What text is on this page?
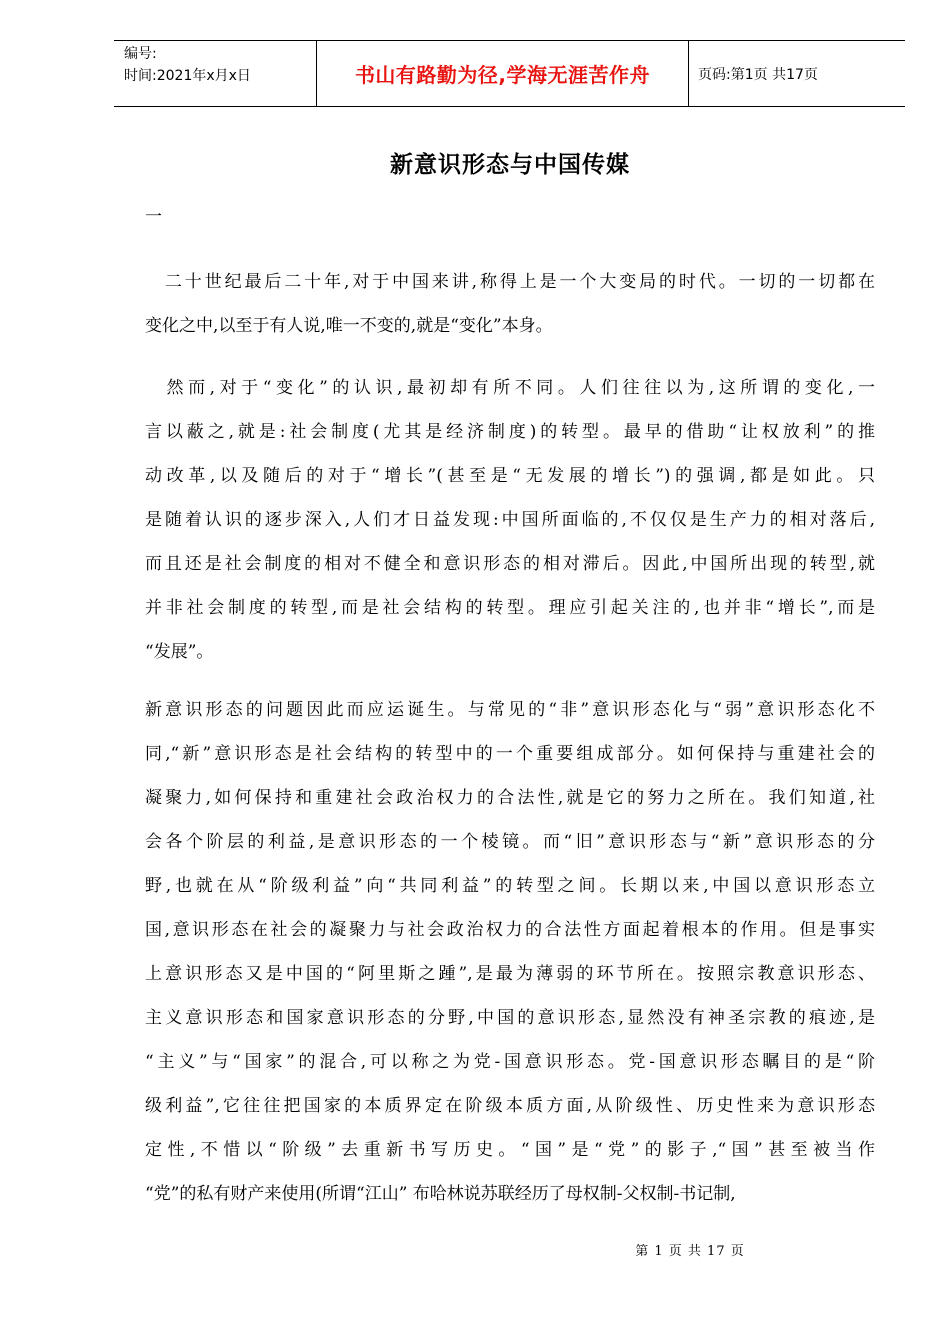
编号:
时间:2021年x月x日	书山有路勤为径,学海无涯苦作舟	页码:第1页 共17页
新意识形态与中国传媒
一
　二十世纪最后二十年,对于中国来讲,称得上是一个大变局的时代。一切的一切都在
变化之中,以至于有人说,唯一不变的,就是“变化”本身。
　然而,对于“变化”的认识,最初却有所不同。人们往往以为,这所谓的变化,一
言以蔽之,就是:社会制度(尤其是经济制度)的转型。最早的借助“让权放利”的推
动改革,以及随后的对于“增长”(甚至是“无发展的增长”)的强调,都是如此。只
是随着认识的逐步深入,人们才日益发现:中国所面临的,不仅仅是生产力的相对落后,
而且还是社会制度的相对不健全和意识形态的相对滞后。因此,中国所出现的转型,就
并非社会制度的转型,而是社会结构的转型。理应引起关注的,也并非“增长”,而是
“发展”。
新意识形态的问题因此而应运诞生。与常见的“非”意识形态化与“弱”意识形态化不
同,“新”意识形态是社会结构的转型中的一个重要组成部分。如何保持与重建社会的
凝聚力,如何保持和重建社会政治权力的合法性,就是它的努力之所在。我们知道,社
会各个阶层的利益,是意识形态的一个棱镜。而“旧”意识形态与“新”意识形态的分
野,也就在从“阶级利益”向“共同利益”的转型之间。长期以来,中国以意识形态立
国,意识形态在社会的凝聚力与社会政治权力的合法性方面起着根本的作用。但是事实
上意识形态又是中国的“阿里斯之踵”,是最为薄弱的环节所在。按照宗教意识形态、
主义意识形态和国家意识形态的分野,中国的意识形态,显然没有神圣宗教的痕迹,是
“主义”与“国家”的混合,可以称之为党-国意识形态。党-国意识形态瞩目的是“阶
级利益”,它往往把国家的本质界定在阶级本质方面,从阶级性、历史性来为意识形态
定性,不惜以“阶级”去重新书写历史。“国”是“党”的影子,“国”甚至被当作
“党”的私有财产来使用(所谓“江山” 布哈林说苏联经历了母权制-父权制-书记制,
第 1 页 共 17 页
